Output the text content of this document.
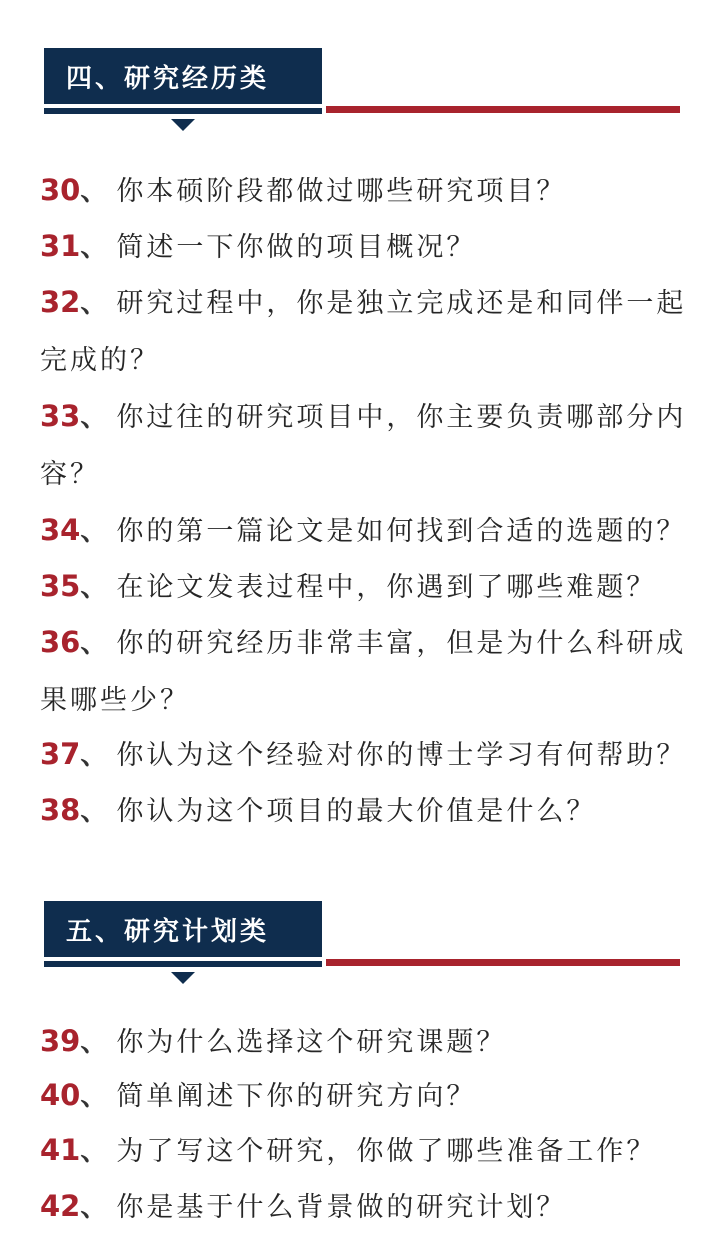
四、研究经历类
30、 你本硕阶段都做过哪些研究项目？
31、 简述一下你做的项目概况？
32、 研究过程中，你是独立完成还是和同伴一起完成的？
33、 你过往的研究项目中，你主要负责哪部分内容？
34、 你的第一篇论文是如何找到合适的选题的？
35、 在论文发表过程中，你遇到了哪些难题？
36、 你的研究经历非常丰富，但是为什么科研成果哪些少？
37、 你认为这个经验对你的博士学习有何帮助？
38、 你认为这个项目的最大价值是什么？
五、研究计划类
39、 你为什么选择这个研究课题？
40、 简单阐述下你的研究方向？
41、 为了写这个研究，你做了哪些准备工作？
42、 你是基于什么背景做的研究计划？
